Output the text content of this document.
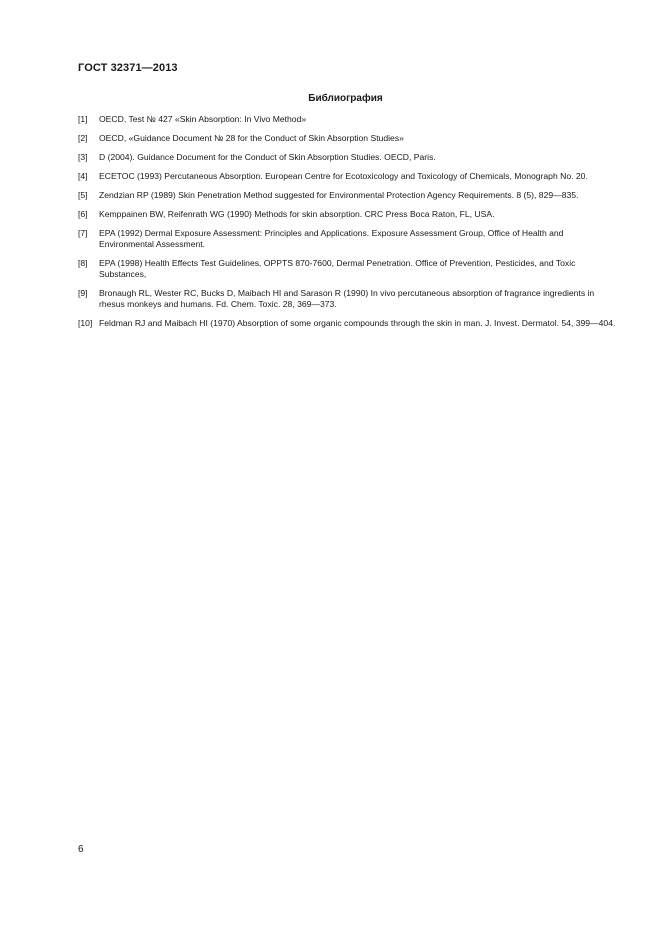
ГОСТ 32371—2013
Библиография
[1] OECD, Test № 427 «Skin Absorption: In Vivo Method»
[2] OECD, «Guidance Document № 28 for the Conduct of Skin Absorption Studies»
[3] D (2004). Guidance Document for the Conduct of Skin Absorption Studies. OECD, Paris.
[4] ECETOC (1993) Percutaneous Absorption. European Centre for Ecotoxicology and Toxicology of Chemicals, Monograph No. 20.
[5] Zendzian RP (1989) Skin Penetration Method suggested for Environmental Protection Agency Requirements. 8 (5), 829—835.
[6] Kemppainen BW, Reifenrath WG (1990) Methods for skin absorption. CRC Press Boca Raton, FL, USA.
[7] EPA (1992) Dermal Exposure Assessment: Principles and Applications. Exposure Assessment Group, Office of Health and Environmental Assessment.
[8] EPA (1998) Health Effects Test Guidelines, OPPTS 870-7600, Dermal Penetration. Office of Prevention, Pesticides, and Toxic Substances,
[9] Bronaugh RL, Wester RC, Bucks D, Maibach HI and Sarason R (1990) In vivo percutaneous absorption of fragrance ingredients in rhesus monkeys and humans. Fd. Chem. Toxic. 28, 369—373.
[10] Feldman RJ and Maibach HI (1970) Absorption of some organic compounds through the skin in man. J. Invest. Dermatol. 54, 399—404.
6
